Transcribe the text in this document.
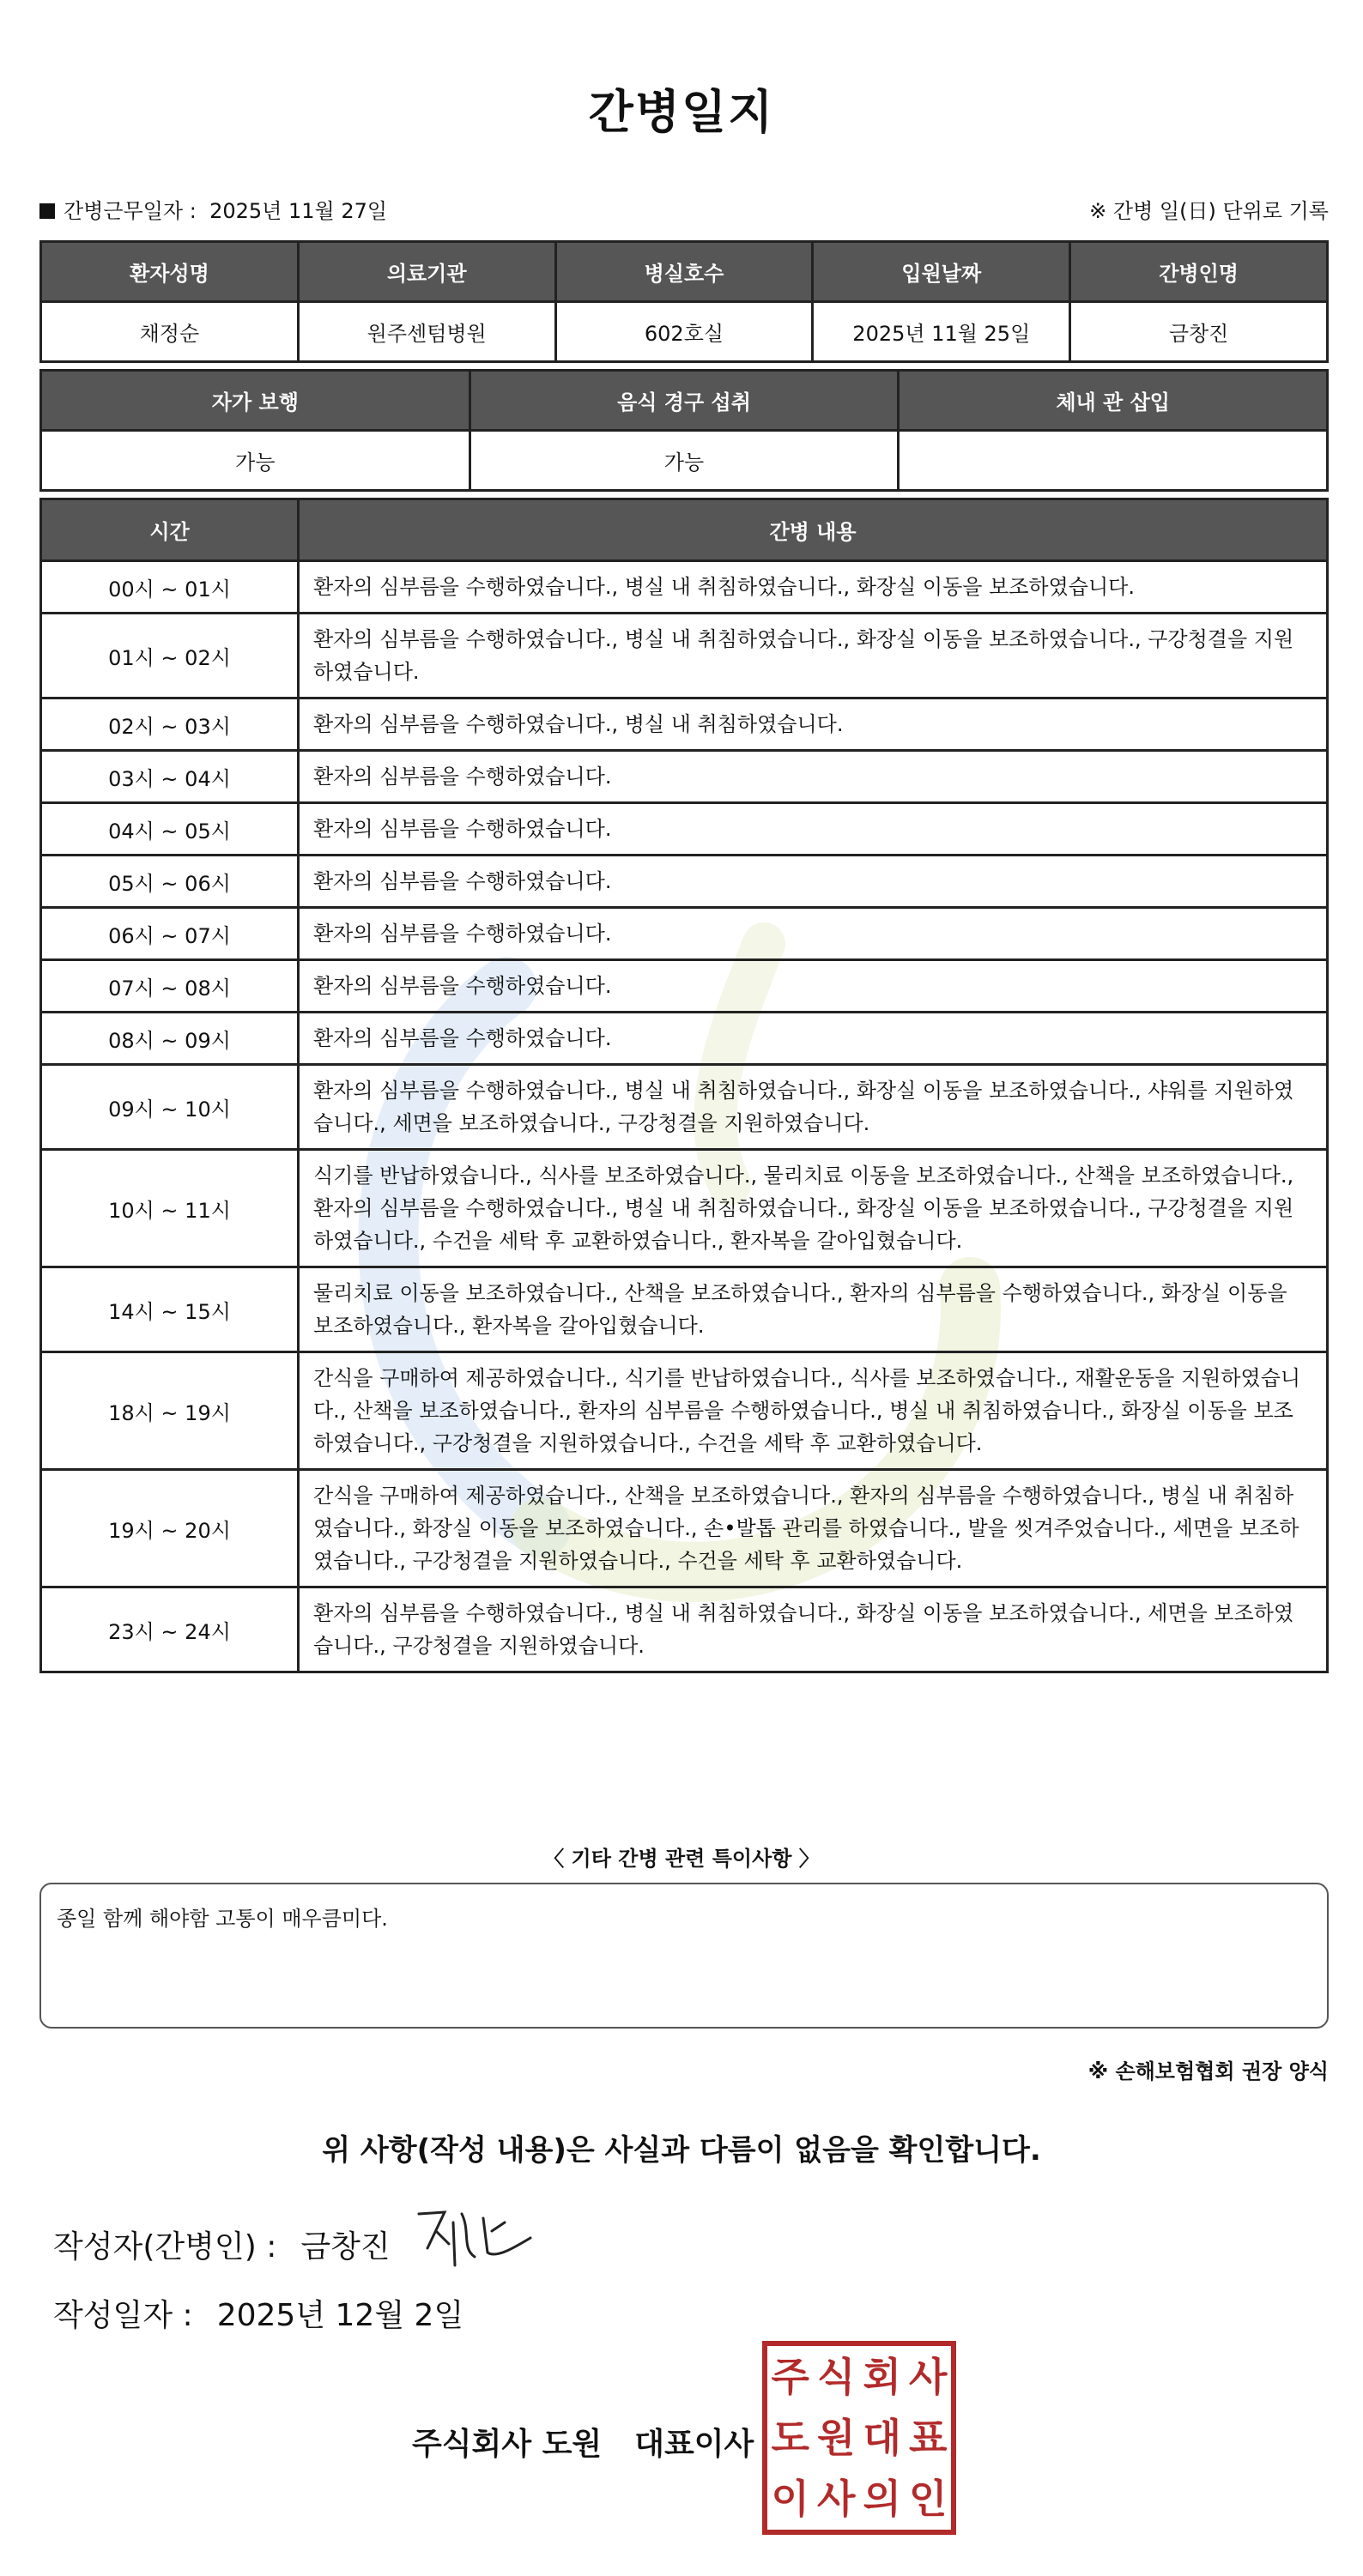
간병일지
간병근무일자 : 2025년 11월 27일	※ 간병 일(日) 단위로 기록
환자성명	의료기관	병실호수	입원날짜	간병인명
채정순	원주센텀병원	602호실	2025년 11월 25일	금창진
자가 보행	음식 경구 섭취	체내 관 삽입
가능	가능	
시간	간병 내용
00시 ~ 01시	환자의 심부름을 수행하였습니다., 병실 내 취침하였습니다., 화장실 이동을 보조하였습니다.
01시 ~ 02시	환자의 심부름을 수행하였습니다., 병실 내 취침하였습니다., 화장실 이동을 보조하였습니다., 구강청결을 지원하였습니다.
02시 ~ 03시	환자의 심부름을 수행하였습니다., 병실 내 취침하였습니다.
03시 ~ 04시	환자의 심부름을 수행하였습니다.
04시 ~ 05시	환자의 심부름을 수행하였습니다.
05시 ~ 06시	환자의 심부름을 수행하였습니다.
06시 ~ 07시	환자의 심부름을 수행하였습니다.
07시 ~ 08시	환자의 심부름을 수행하였습니다.
08시 ~ 09시	환자의 심부름을 수행하였습니다.
09시 ~ 10시	환자의 심부름을 수행하였습니다., 병실 내 취침하였습니다., 화장실 이동을 보조하였습니다., 샤워를 지원하였습니다., 세면을 보조하였습니다., 구강청결을 지원하였습니다.
10시 ~ 11시	식기를 반납하였습니다., 식사를 보조하였습니다., 물리치료 이동을 보조하였습니다., 산책을 보조하였습니다., 환자의 심부름을 수행하였습니다., 병실 내 취침하였습니다., 화장실 이동을 보조하였습니다., 구강청결을 지원하였습니다., 수건을 세탁 후 교환하였습니다., 환자복을 갈아입혔습니다.
14시 ~ 15시	물리치료 이동을 보조하였습니다., 산책을 보조하였습니다., 환자의 심부름을 수행하였습니다., 화장실 이동을 보조하였습니다., 환자복을 갈아입혔습니다.
18시 ~ 19시	간식을 구매하여 제공하였습니다., 식기를 반납하였습니다., 식사를 보조하였습니다., 재활운동을 지원하였습니다., 산책을 보조하였습니다., 환자의 심부름을 수행하였습니다., 병실 내 취침하였습니다., 화장실 이동을 보조하였습니다., 구강청결을 지원하였습니다., 수건을 세탁 후 교환하였습니다.
19시 ~ 20시	간식을 구매하여 제공하였습니다., 산책을 보조하였습니다., 환자의 심부름을 수행하였습니다., 병실 내 취침하였습니다., 화장실 이동을 보조하였습니다., 손•발톱 관리를 하였습니다., 발을 씻겨주었습니다., 세면을 보조하였습니다., 구강청결을 지원하였습니다., 수건을 세탁 후 교환하였습니다.
23시 ~ 24시	환자의 심부름을 수행하였습니다., 병실 내 취침하였습니다., 화장실 이동을 보조하였습니다., 세면을 보조하였습니다., 구강청결을 지원하였습니다.
〈 기타 간병 관련 특이사항 〉
종일 함께 해야함 고통이 매우큼미다.
※ 손해보험협회 권장 양식
위 사항(작성 내용)은 사실과 다름이 없음을 확인합니다.
작성자(간병인) : 금창진
작성일자 : 2025년 12월 2일
주식회사 도원 대표이사
주 식 회 사
도 원 대 표
이 사 의 인
